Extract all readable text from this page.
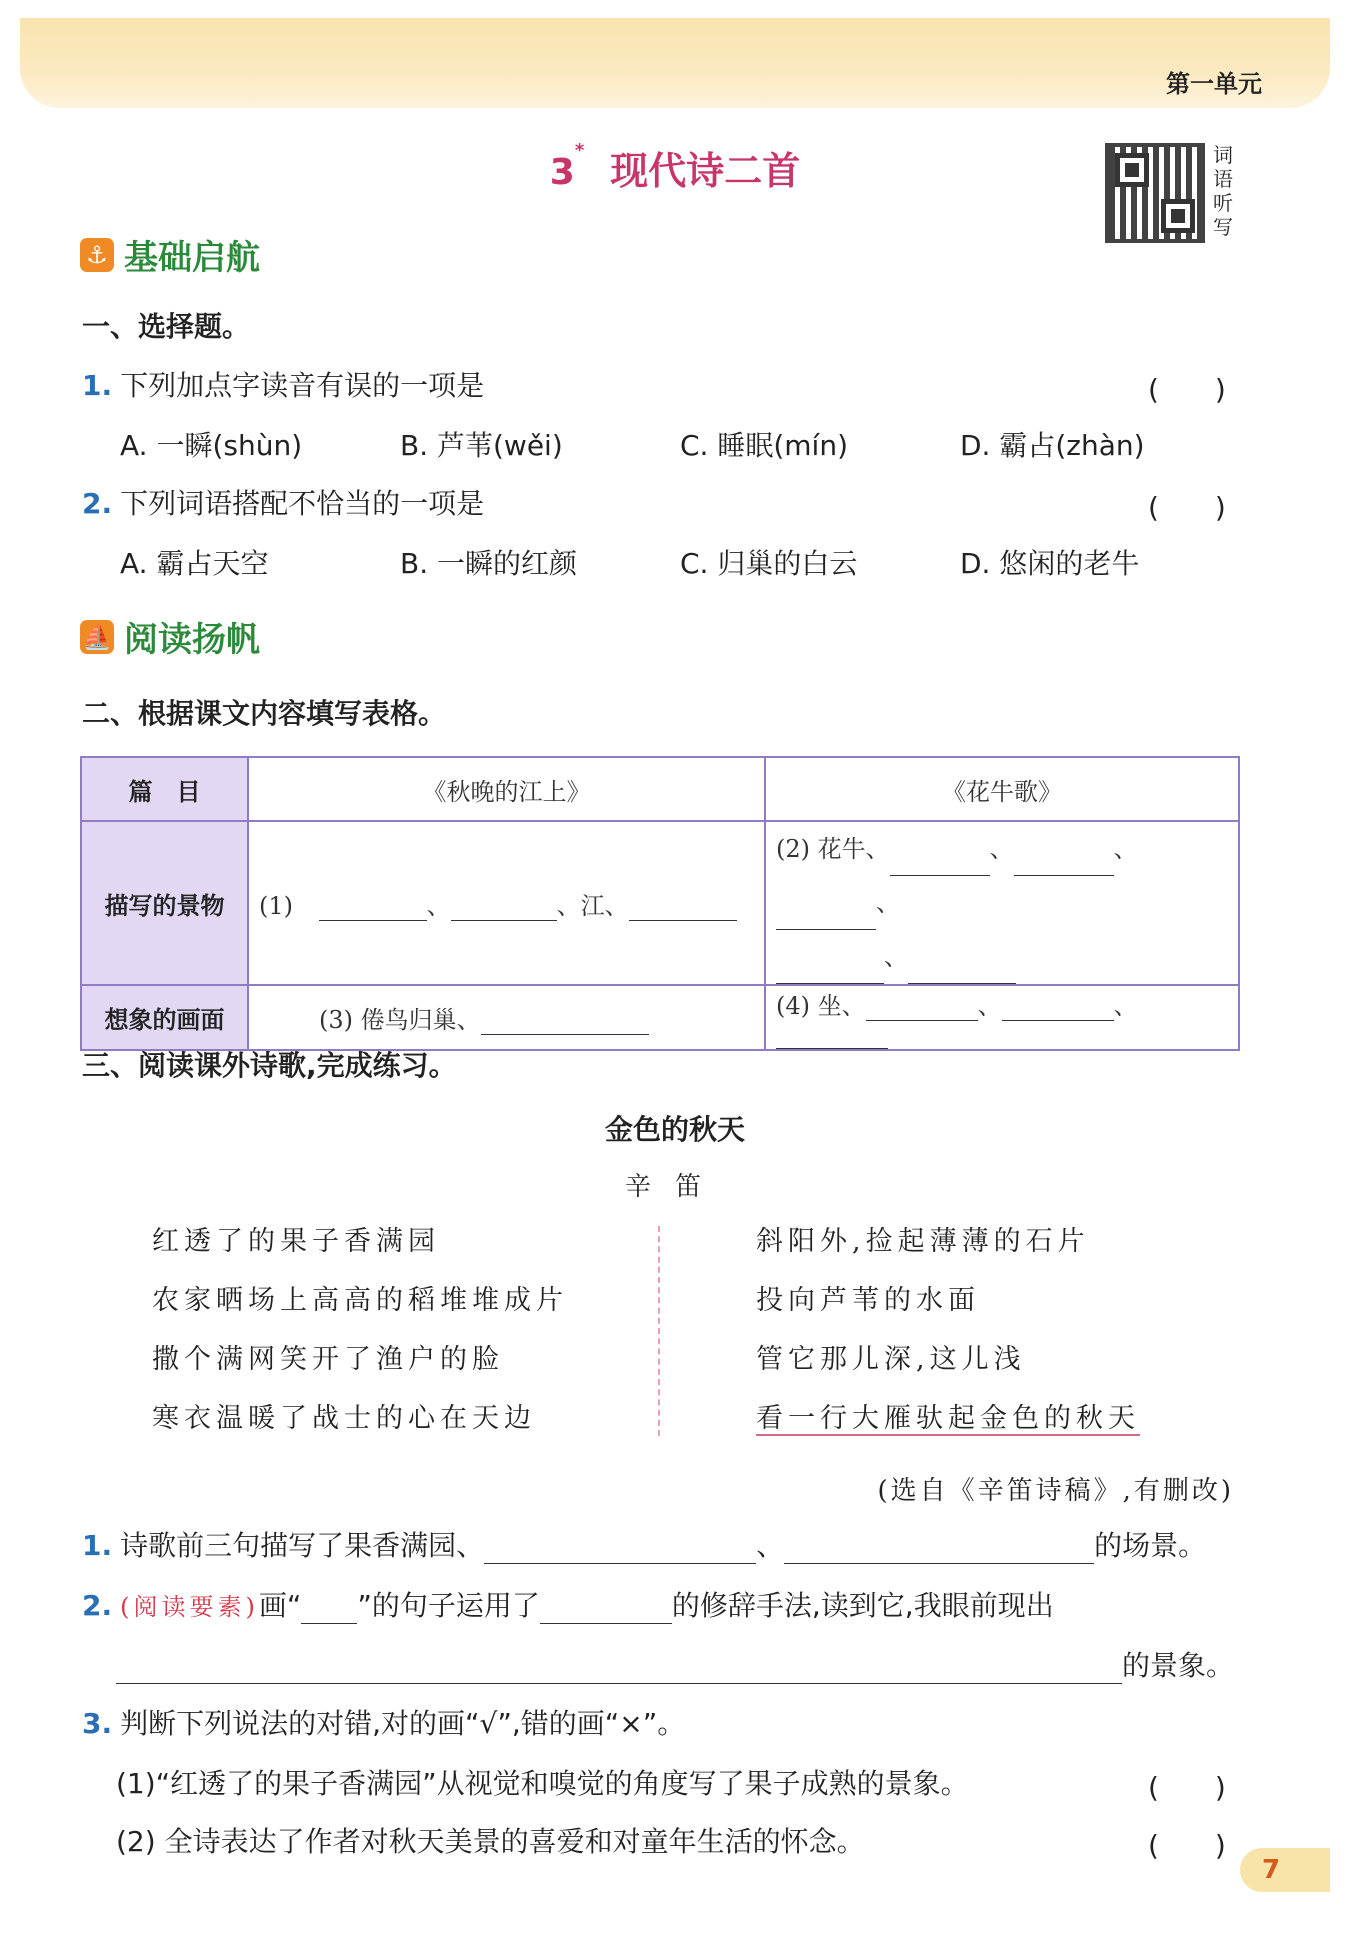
第一单元
3* 现代诗二首	词语听写
⚓ 基础启航
一、选择题。
1. 下列加点字读音有误的一项是	(　　)
A. 一瞬(shùn)	B. 芦苇(wěi)	C. 睡眠(mín)	D. 霸占(zhàn)
2. 下列词语搭配不恰当的一项是	(　　)
A. 霸占天空	B. 一瞬的红颜	C. 归巢的白云	D. 悠闲的老牛
⛵ 阅读扬帆
二、根据课文内容填写表格。
篇　目	《秋晚的江上》	《花牛歌》
描写的景物	(1) 、 、江、	(2) 花牛、 、 、、
、
想象的画面	(3) 倦鸟归巢、	(4) 坐、 、 、
三、阅读课外诗歌,完成练习。
金色的秋天
辛笛
红透了的果子香满园
农家晒场上高高的稻堆堆成片
撒个满网笑开了渔户的脸
寒衣温暖了战士的心在天边
斜阳外,捡起薄薄的石片
投向芦苇的水面
管它那儿深,这儿浅
看一行大雁驮起金色的秋天
(选自《辛笛诗稿》,有删改)
1. 诗歌前三句描写了果香满园、	、	的场景。
2. (阅读要素)画“ ”的句子运用了	的修辞手法,读到它,我眼前现出
的景象。
3. 判断下列说法的对错,对的画“√”,错的画“×”。
(1)“红透了的果子香满园”从视觉和嗅觉的角度写了果子成熟的景象。	(　　)
(2) 全诗表达了作者对秋天美景的喜爱和对童年生活的怀念。	(　　)
7
